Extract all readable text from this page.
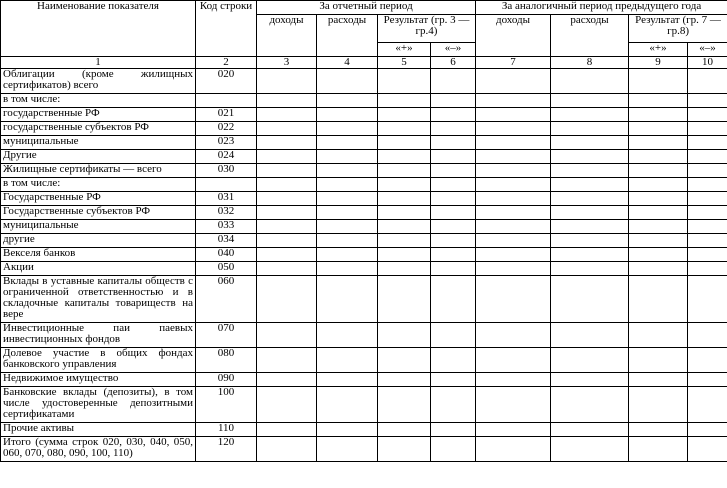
Наименование показателя	Код строки	За отчетный период				За аналогичный период предыдущего года			
		доходы	расходы	Результат (гр. 3 — гр.4)		доходы	расходы	Результат (гр. 7 — гр.8)	
				«+»	«–»			«+»	«–»
1	2	3	4	5	6	7	8	9	10
Облигации (кроме жилищных сертификатов) всего	020								
в том числе:									
государственные РФ	021								
государственные субъектов РФ	022								
муниципальные	023								
Другие	024								
Жилищные сертификаты — всего	030								
в том числе:									
Государственные РФ	031								
Государственные субъектов РФ	032								
муниципальные	033								
другие	034								
Векселя банков	040								
Акции	050								
Вклады в уставные капиталы обществ с ограниченной ответственностью и в складочные капиталы товариществ на вере	060								
Инвестиционные паи паевых инвестиционных фондов	070								
Долевое участие в общих фондах банковского управления	080								
Недвижимое имущество	090								
Банковские вклады (депозиты), в том числе удостоверенные депозитными сертификатами	100								
Прочие активы	110								
Итого (сумма строк 020, 030, 040, 050, 060, 070, 080, 090, 100, 110)	120								
